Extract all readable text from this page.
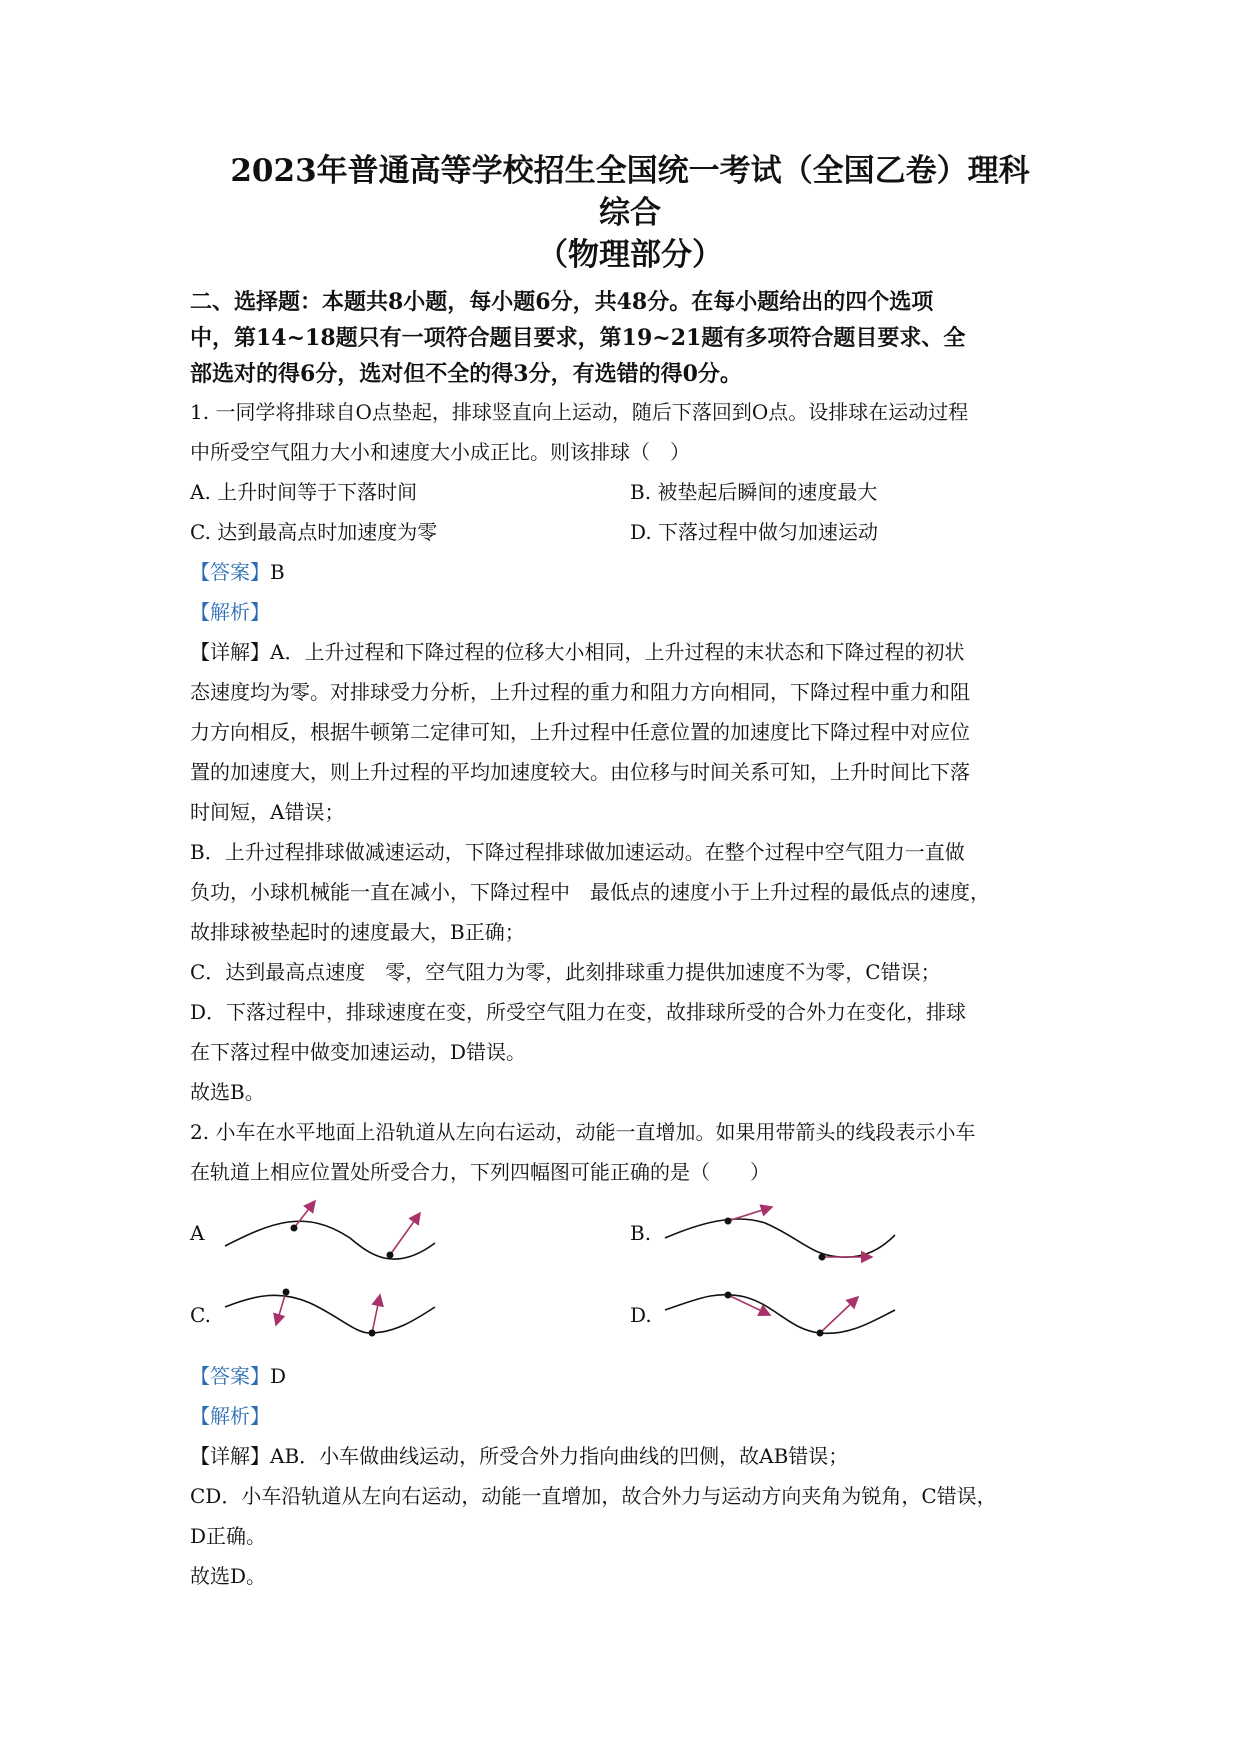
2023年普通高等学校招生全国统一考试（全国乙卷）理科
综合
（物理部分）
二、选择题：本题共8小题，每小题6分，共48分。在每小题给出的四个选项
中，第14~18题只有一项符合题目要求，第19~21题有多项符合题目要求、全
部选对的得6分，选对但不全的得3分，有选错的得0分。

1. 一同学将排球自O点垫起，排球竖直向上运动，随后下落回到O点。设排球在运动过程

中所受空气阻力大小和速度大小成正比。则该排球（　）

A. 上升时间等于下落时间	B. 被垫起后瞬间的速度最大
C. 达到最高点时加速度为零	D. 下落过程中做匀加速运动

【答案】B

【解析】

【详解】A．上升过程和下降过程的位移大小相同，上升过程的末状态和下降过程的初状

态速度均为零。对排球受力分析，上升过程的重力和阻力方向相同，下降过程中重力和阻

力方向相反，根据牛顿第二定律可知，上升过程中任意位置的加速度比下降过程中对应位

置的加速度大，则上升过程的平均加速度较大。由位移与时间关系可知，上升时间比下落

时间短，A错误；

B．上升过程排球做减速运动，下降过程排球做加速运动。在整个过程中空气阻力一直做

负功，小球机械能一直在减小，下降过程中　最低点的速度小于上升过程的最低点的速度，

故排球被垫起时的速度最大，B正确；

C．达到最高点速度　零，空气阻力为零，此刻排球重力提供加速度不为零，C错误；

D．下落过程中，排球速度在变，所受空气阻力在变，故排球所受的合外力在变化，排球

在下落过程中做变加速运动，D错误。

故选B。

2. 小车在水平地面上沿轨道从左向右运动，动能一直增加。如果用带箭头的线段表示小车

在轨道上相应位置处所受合力，下列四幅图可能正确的是（　　）

A	B.
C.	D.

【答案】D

【解析】

【详解】AB．小车做曲线运动，所受合外力指向曲线的凹侧，故AB错误；

CD．小车沿轨道从左向右运动，动能一直增加，故合外力与运动方向夹角为锐角，C错误，

D正确。

故选D。
